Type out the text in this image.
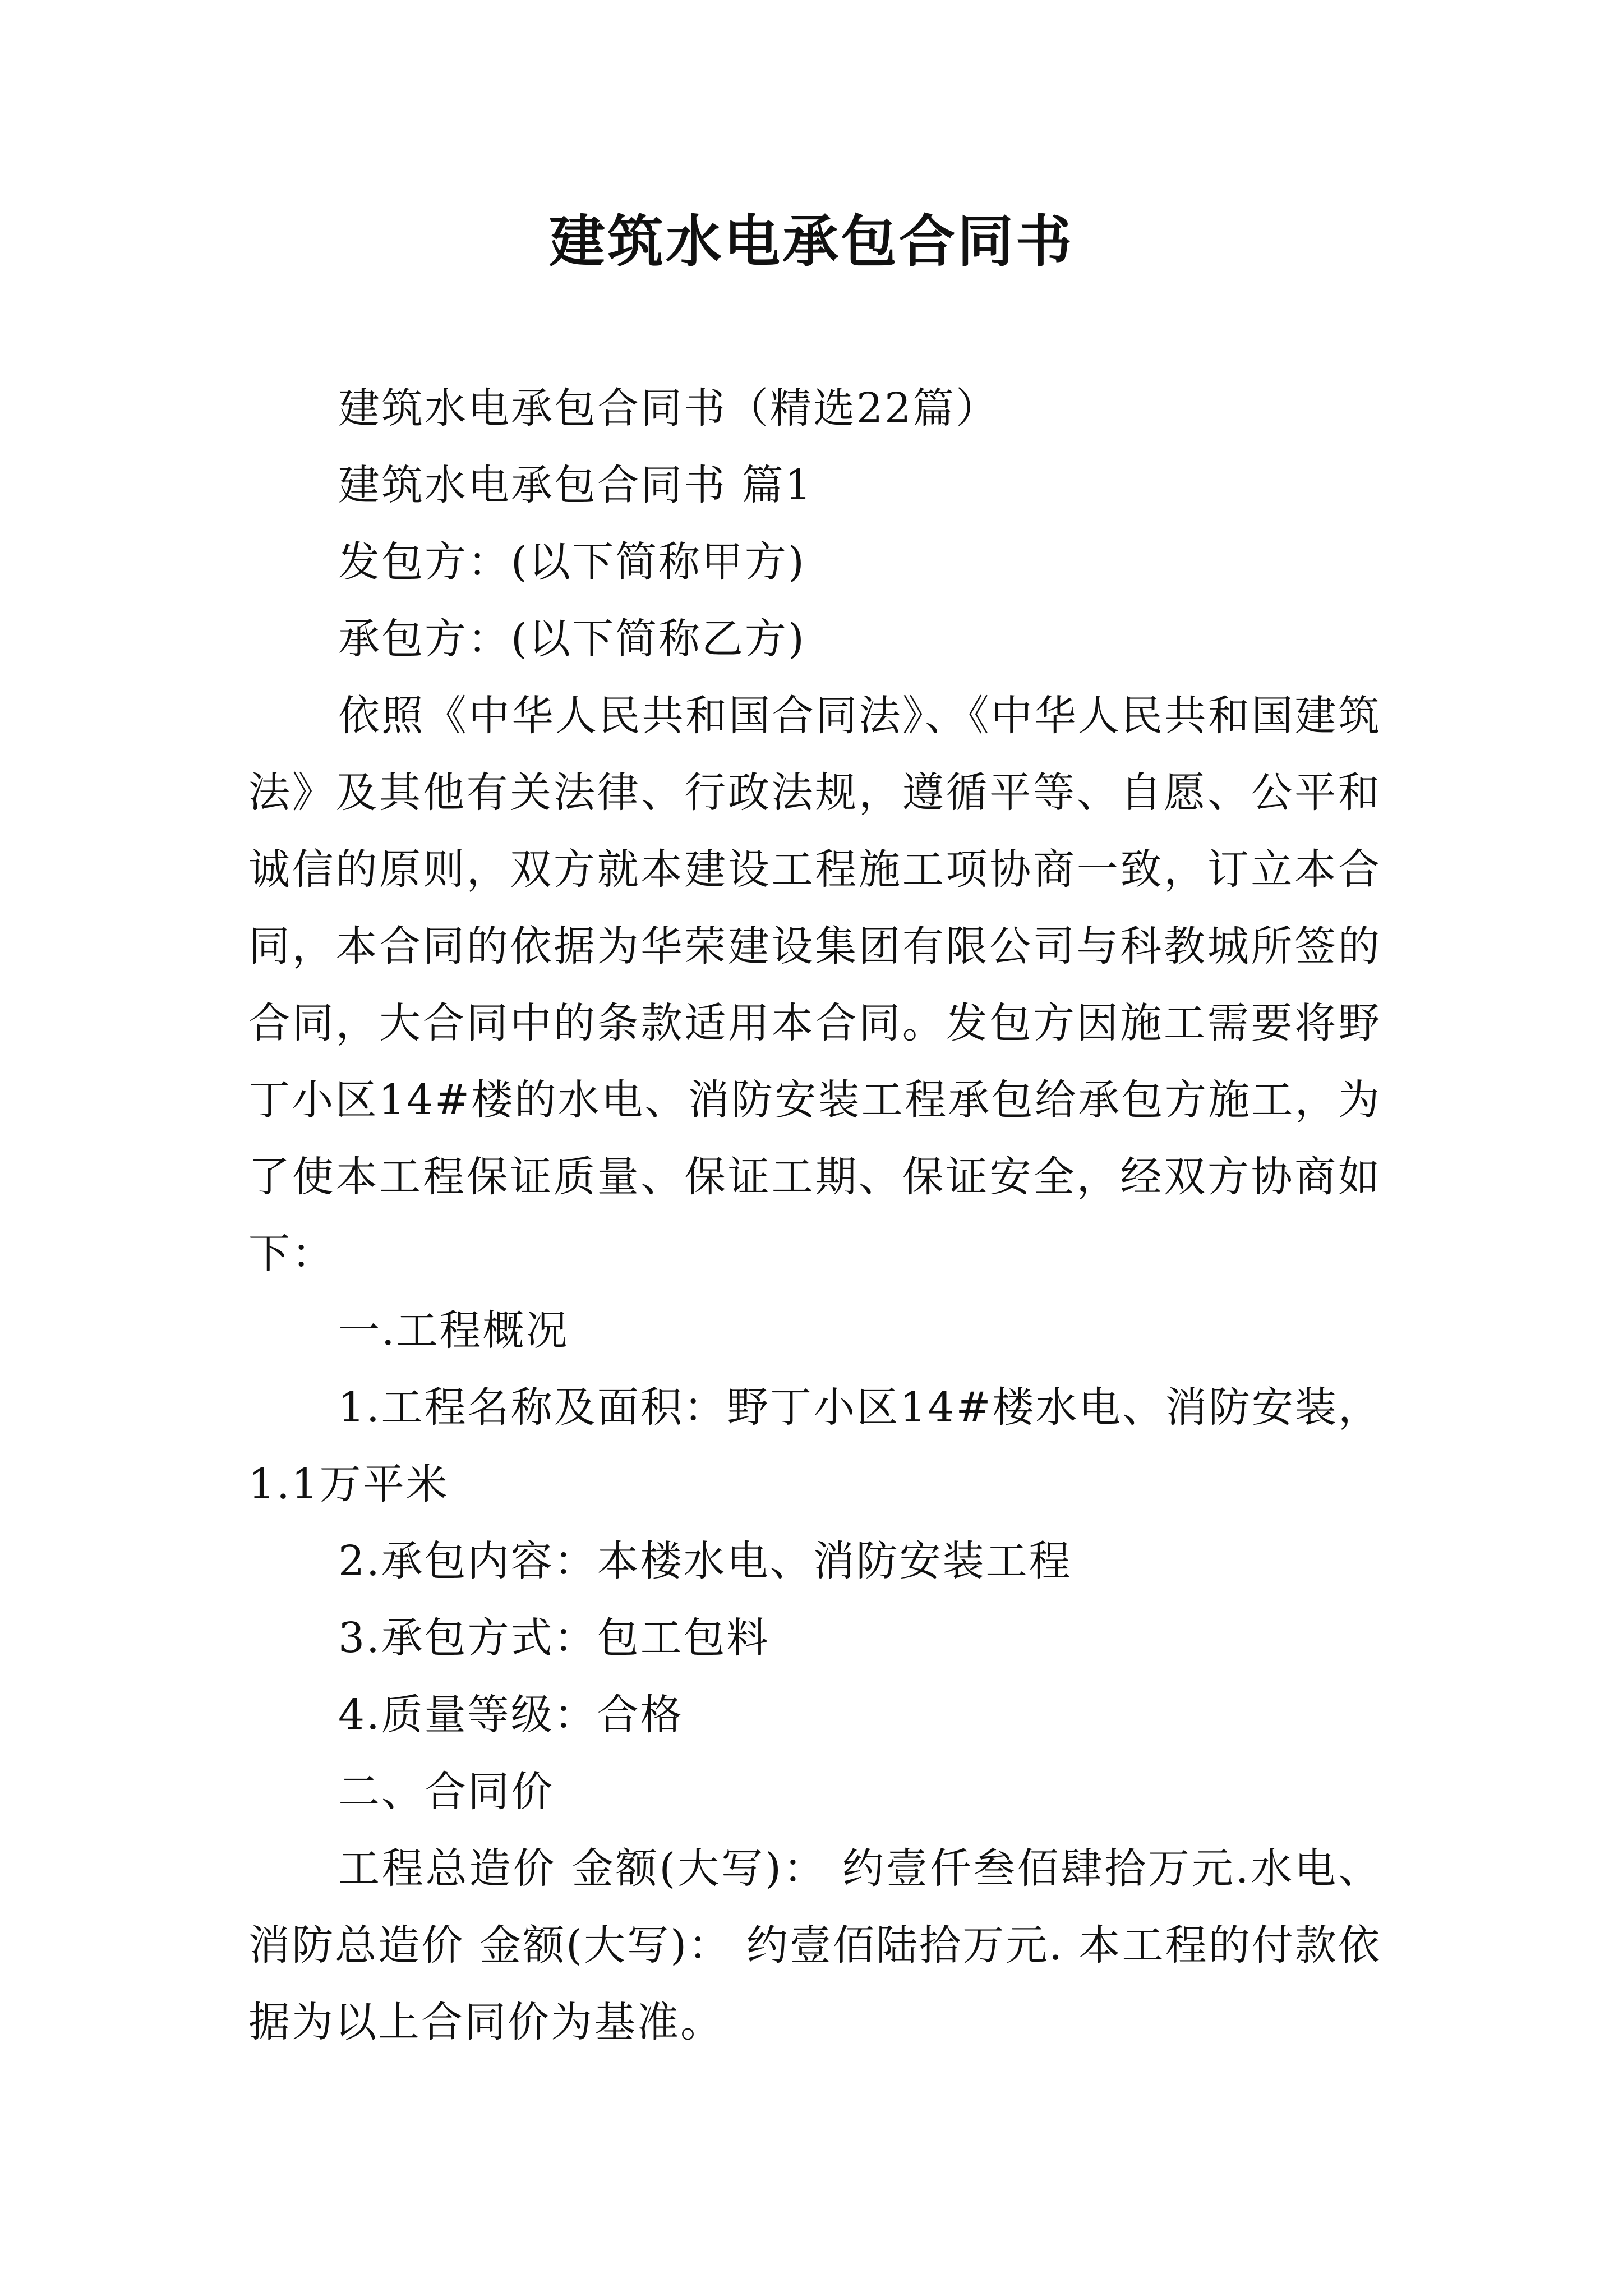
建筑水电承包合同书

建筑水电承包合同书（精选22篇）

建筑水电承包合同书 篇1

发包方：(以下简称甲方)

承包方：(以下简称乙方)

依照《中华人民共和国合同法》、《中华人民共和国建筑法》及其他有关法律、行政法规，遵循平等、自愿、公平和诚信的原则，双方就本建设工程施工项协商一致，订立本合同，本合同的依据为华荣建设集团有限公司与科教城所签的合同，大合同中的条款适用本合同。发包方因施工需要将野丁小区14#楼的水电、消防安装工程承包给承包方施工，为了使本工程保证质量、保证工期、保证安全，经双方协商如下：

一.工程概况

1.工程名称及面积：野丁小区14#楼水电、消防安装，1.1万平米

2.承包内容：本楼水电、消防安装工程

3.承包方式：包工包料

4.质量等级：合格

二、合同价

工程总造价 金额(大写)： 约壹仟叁佰肆拾万元.水电、消防总造价 金额(大写)： 约壹佰陆拾万元. 本工程的付款依据为以上合同价为基准。
